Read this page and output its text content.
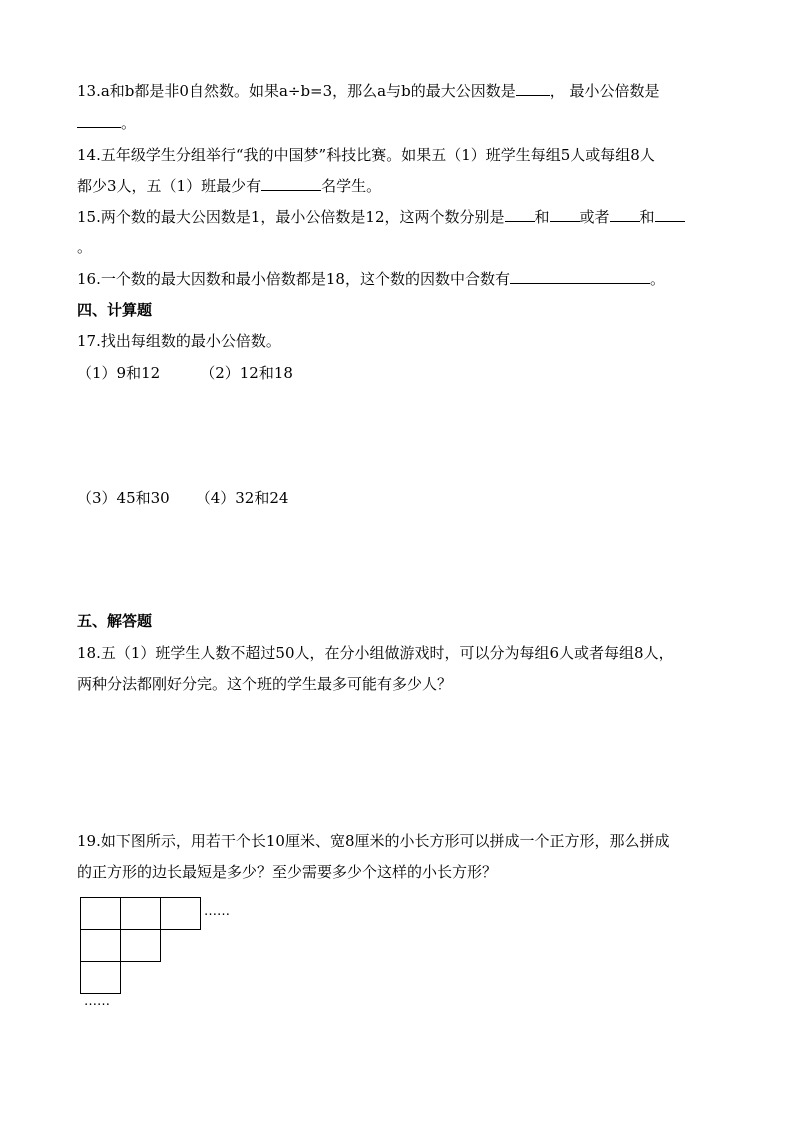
13.a和b都是非0自然数。如果a÷b=3，那么a与b的最大公因数是 ， 最小公倍数是
。
14.五年级学生分组举行“我的中国梦”科技比赛。如果五（1）班学生每组5人或每组8人
都少3人，五（1）班最少有	名学生。
15.两个数的最大公因数是1，最小公倍数是12，这两个数分别是 和 或者 和
。
16.一个数的最大因数和最小倍数都是18，这个数的因数中合数有	。
四、计算题
17.找出每组数的最小公倍数。
（1）9和12	（2）12和18
（3）45和30 （4）32和24
五、解答题
18.五（1）班学生人数不超过50人，在分小组做游戏时，可以分为每组6人或者每组8人，
两种分法都刚好分完。这个班的学生最多可能有多少人？
19.如下图所示，用若干个长10厘米、宽8厘米的小长方形可以拼成一个正方形，那么拼成
的正方形的边长最短是多少？至少需要多少个这样的小长方形？
……
……
